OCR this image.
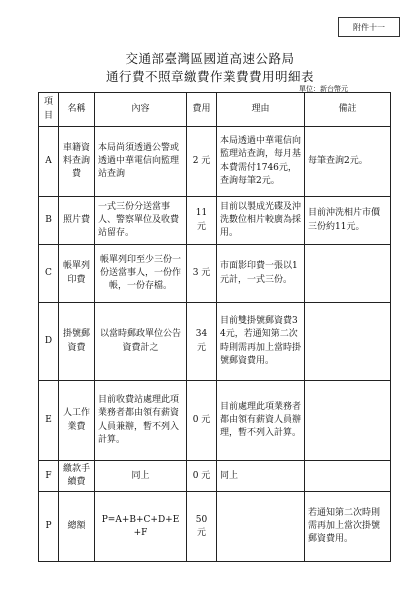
附件十一
交通部臺灣區國道高速公路局
通行費不照章繳費作業費費用明細表
單位：新台幣元
項目	名稱	內容	費用	理由	備註
A	車籍資料查詢費	本局尚須透過公警或透過中華電信向監理站查詢	2 元	本局透過中華電信向監理站查詢，每月基本費需付1746元，查詢每筆2元。	每筆查詢2元。
B	照片費	一式三份分送當事人、警察單位及收費站留存。	11 元	目前以製成光碟及沖洗數位相片較廣為採用。	目前沖洗相片市價三份約11元。
C	帳單列印費	帳單列印至少三份一份送當事人，一份作帳，一份存檔。	3 元	市面影印費一張以1元計，一式三份。	
D	掛號郵資費	以當時郵政單位公告資費計之	34 元	目前雙掛號郵資費34元，若通知第二次時則需再加上當時掛號郵資費用。	
E	人工作業費	目前收費站處理此項業務者都由領有薪資人員兼辦，暫不列入計算。	0 元	目前處理此項業務者都由領有薪資人員辦理，暫不列入計算。	
F	繳款手續費	同上	0 元	同上	
P	總額	P=A+B+C+D+E+F	50 元		若通知第二次時則需再加上當次掛號郵資費用。
